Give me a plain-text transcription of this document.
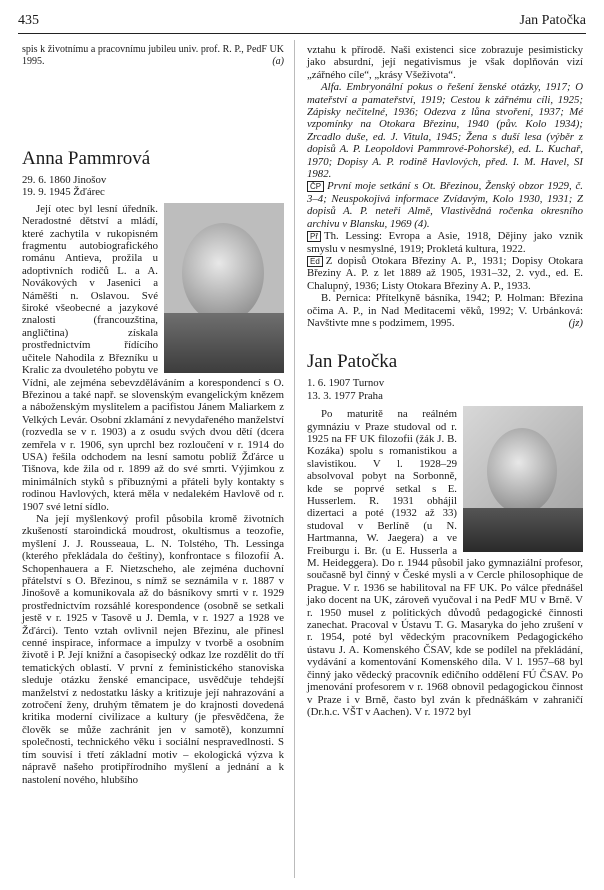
435	Jan Patočka

spis k životnímu a pracovnímu jubileu univ. prof. R. P., PedF UK 1995.	(a)

Anna Pammrová
29. 6. 1860 Jinošov
19. 9. 1945 Žďárec

Její otec byl lesní úředník. Neradostné dětství a mládí, které zachytila v rukopisném fragmentu autobiografického románu Antieva, prožila u adoptivních rodičů L. a A. Novákových v Jasenici a Náměšti n. Oslavou. Své široké všeobecné a jazykové znalosti (francouzština, angličtina) získala prostřednictvím řídícího učitele Nahodila z Březníku u Kralic za dvouletého pobytu ve Vídni, ale zejména sebevzděláváním a korespondencí s O. Březinou a také např. se slovenským evangelickým knězem a náboženským myslitelem a pacifistou Jánem Maliarkem z Velkých Levár. Osobní zklamání z nevydařeného manželství (rozvedla se v r. 1903) a z osudu svých dvou dětí (dcera zemřela v r. 1906, syn uprchl bez rozloučení v r. 1914 do USA) řešila odchodem na lesní samotu poblíž Žďárce u Tišnova, kde žila od r. 1899 až do své smrti. Výjimkou z minimálních styků s příbuznými a přáteli byly kontakty s rodinou Havlových, která měla v nedalekém Havlově od r. 1907 své letní sídlo.

Na její myšlenkový profil působila kromě životních zkušeností staroindická moudrost, okultismus a teozofie, myšlení J. J. Rousseaua, L. N. Tolstého, Th. Lessinga (kterého překládala do češtiny), konfrontace s filozofií A. Schopenhauera a F. Nietzscheho, ale zejména duchovní přátelství s O. Březinou, s nímž se seznámila v r. 1887 v Jinošově a komunikovala až do básníkovy smrti v r. 1929 prostřednictvím rozsáhlé korespondence (osobně se setkali jestě v r. 1925 v Tasově u J. Demla, v r. 1927 a 1928 ve Žďárci). Tento vztah ovlivnil nejen Březinu, ale přinesl cenné inspirace, informace a impulzy v tvorbě a osobním životě i P. Její knižní a časopisecký odkaz lze rozdělit do tří tematických oblastí. V první z feministického stanoviska sleduje otázku ženské emancipace, usvědčuje tehdejší manželství z nedostatku lásky a kritizuje její nahrazování a zotročení ženy, druhým těmatem je do krajnosti dovedená kritika moderní civilizace a kultury (je přesvědčena, že člověk se může zachránit jen v samotě), konzumní společnosti, technického věku i sociální nespravedlnosti. S tím souvisí i třetí základní motiv – ekologická výzva k nápravě našeho protipřírodního myšlení a jednání a k nastolení nového, hlubšího

vztahu k přírodě. Naši existenci sice zobrazuje pesimisticky jako absurdní, její negativismus je však doplňován vizí „zářného cíle“, „krásy Všeživota“.

Alfa. Embryonální pokus o řešení ženské otázky, 1917; O mateřství a pamateřství, 1919; Cestou k zářnému cíli, 1925; Zápisky nečitelné, 1936; Odezva z lůna stvoření, 1937; Mé vzpomínky na Otokara Březinu, 1940 (pův. Kolo 1934); Zrcadlo duše, ed. J. Vitula, 1945; Žena s duší lesa (výběr z dopisů A. P. Leopoldovi Pammrové-Pohorské), ed. L. Kuchař, 1970; Dopisy A. P. rodině Havlových, před. I. M. Havel, SI 1982.

ČP První moje setkání s Ot. Březinou, Ženský obzor 1929, č. 3–4; Neuspokojivá informace Zvídavým, Kolo 1930, 1931; Z dopisů A. P. neteři Almě, Vlastivědná ročenka okresního archivu v Blansku, 1969 (4).

Př Th. Lessing: Evropa a Asie, 1918, Dějiny jako vznik smyslu v nesmyslné, 1919; Prokletá kultura, 1922.

Ed Z dopisů Otokara Březiny A. P., 1931; Dopisy Otokara Březiny A. P. z let 1889 až 1905, 1931–32, 2. vyd., ed. E. Chalupný, 1936; Listy Otokara Březiny A. P., 1933.

B. Pernica: Přítelkyně básníka, 1942; P. Holman: Březina očima A. P., in Nad Meditacemi věků, 1992; V. Urbánková: Navštivte mne s podzimem, 1995.	(jz)

Jan Patočka
1. 6. 1907 Turnov
13. 3. 1977 Praha

Po maturitě na reálném gymnáziu v Praze studoval od r. 1925 na FF UK filozofii (žák J. B. Kozáka) spolu s romanistikou a slavistikou. V l. 1928–29 absolvoval pobyt na Sorbonně, kde se poprvé setkal s E. Husserlem. R. 1931 obhájil dizertaci a poté (1932 až 33) studoval v Berlíně (u N. Hartmanna, W. Jaegera) a ve Freiburgu i. Br. (u E. Husserla a M. Heideggera). Do r. 1944 působil jako gymnaziální profesor, současně byl činný v České mysli a v Cercle philosophique de Prague. V r. 1936 se habilitoval na FF UK. Po válce přednášel jako docent na UK, zároveň vyučoval i na PedF MU v Brně. V r. 1950 musel z politických důvodů pedagogické činnosti zanechat. Pracoval v Ústavu T. G. Masaryka do jeho zrušení v r. 1954, poté byl vědeckým pracovníkem Pedagogického ústavu J. A. Komenského ČSAV, kde se podílel na překládání, vydávání a komentování Komenského díla. V l. 1957–68 byl činný jako vědecký pracovník edičního oddělení FÚ ČSAV. Po jmenování profesorem v r. 1968 obnovil pedagogickou činnost v Praze i v Brně, často byl zván k přednáškám v zahraničí (Dr.h.c. VŠT v Aachen). V r. 1972 byl
